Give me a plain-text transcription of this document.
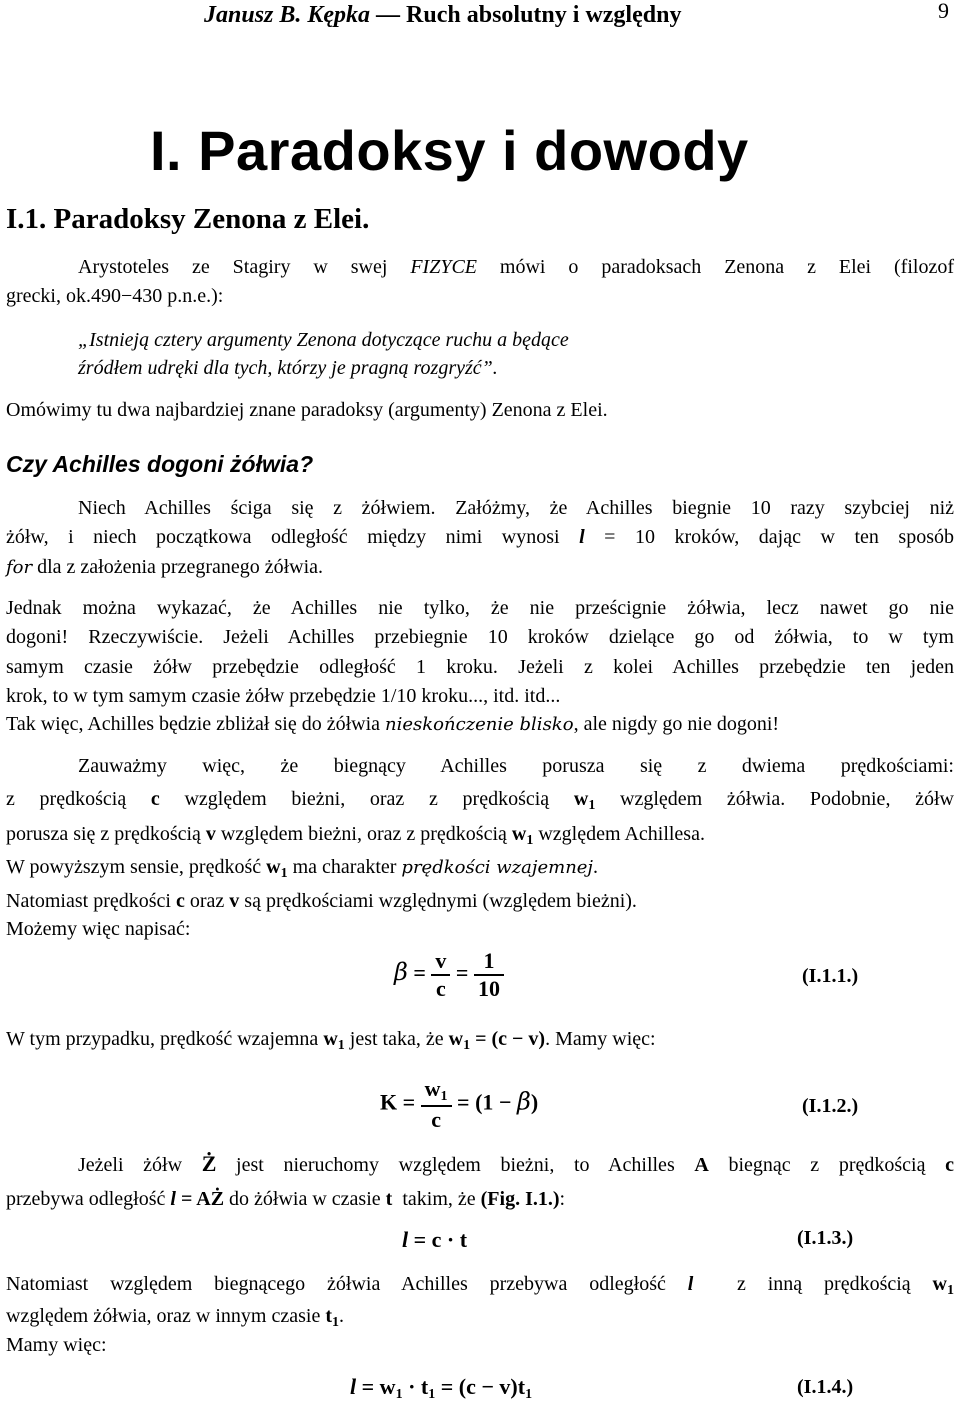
Janusz B. Kępka — Ruch absolutny i względny	9
I. Paradoksy i dowody
I.1. Paradoksy Zenona z Elei.
Arystoteles ze Stagiry w swej FIZYCE mówi o paradoksach Zenona z Elei (filozof
grecki, ok.490−430 p.n.e.):
„Istnieją cztery argumenty Zenona dotyczące ruchu a będące
źródłem udręki dla tych, którzy je pragną rozgryźć”.
Omówimy tu dwa najbardziej znane paradoksy (argumenty) Zenona z Elei.
Czy Achilles dogoni żółwia?
Niech Achilles ściga się z żółwiem. Załóżmy, że Achilles biegnie 10 razy szybciej niż
żółw, i niech początkowa odległość między nimi wynosi l = 10 kroków, dając w ten sposób
for dla z założenia przegranego żółwia.
Jednak można wykazać, że Achilles nie tylko, że nie prześcignie żółwia, lecz nawet go nie
dogoni! Rzeczywiście. Jeżeli Achilles przebiegnie 10 kroków dzielące go od żółwia, to w tym
samym czasie żółw przebędzie odległość 1 kroku. Jeżeli z kolei Achilles przebędzie ten jeden
krok, to w tym samym czasie żółw przebędzie 1/10 kroku..., itd. itd...
Tak więc, Achilles będzie zbliżał się do żółwia nieskończenie blisko, ale nigdy go nie dogoni!
Zauważmy więc, że biegnący Achilles porusza się z dwiema prędkościami:
z prędkością c względem bieżni, oraz z prędkością $w_1$ względem żółwia. Podobnie, żółw
porusza się z prędkością v względem bieżni, oraz z prędkością $w_1$ względem Achillesa.
W powyższym sensie, prędkość $w_1$ ma charakter prędkości wzajemnej.
Natomiast prędkości c oraz v są prędkościami względnymi (względem bieżni).
Możemy więc napisać:
$\beta = \frac{v}{c} = \frac{1}{10}$	(I.1.1.)
W tym przypadku, prędkość wzajemna $w_1$ jest taka, że $w_1 = (c - v)$. Mamy więc:
$K = \frac{w_1}{c} = (1 - \beta)$	(I.1.2.)
Jeżeli żółw Ż jest nieruchomy względem bieżni, to Achilles A biegnąc z prędkością c
przebywa odległość l = AŻ do żółwia w czasie t  takim, że (Fig. I.1.):
l = c · t	(I.1.3.)
Natomiast względem biegnącego żółwia Achilles przebywa odległość l  z inną prędkością $w_1$
względem żółwia, oraz w innym czasie $t_1$.
Mamy więc:
$l = w_1 \cdot t_1 = (c - v)t_1$	(I.1.4.)
